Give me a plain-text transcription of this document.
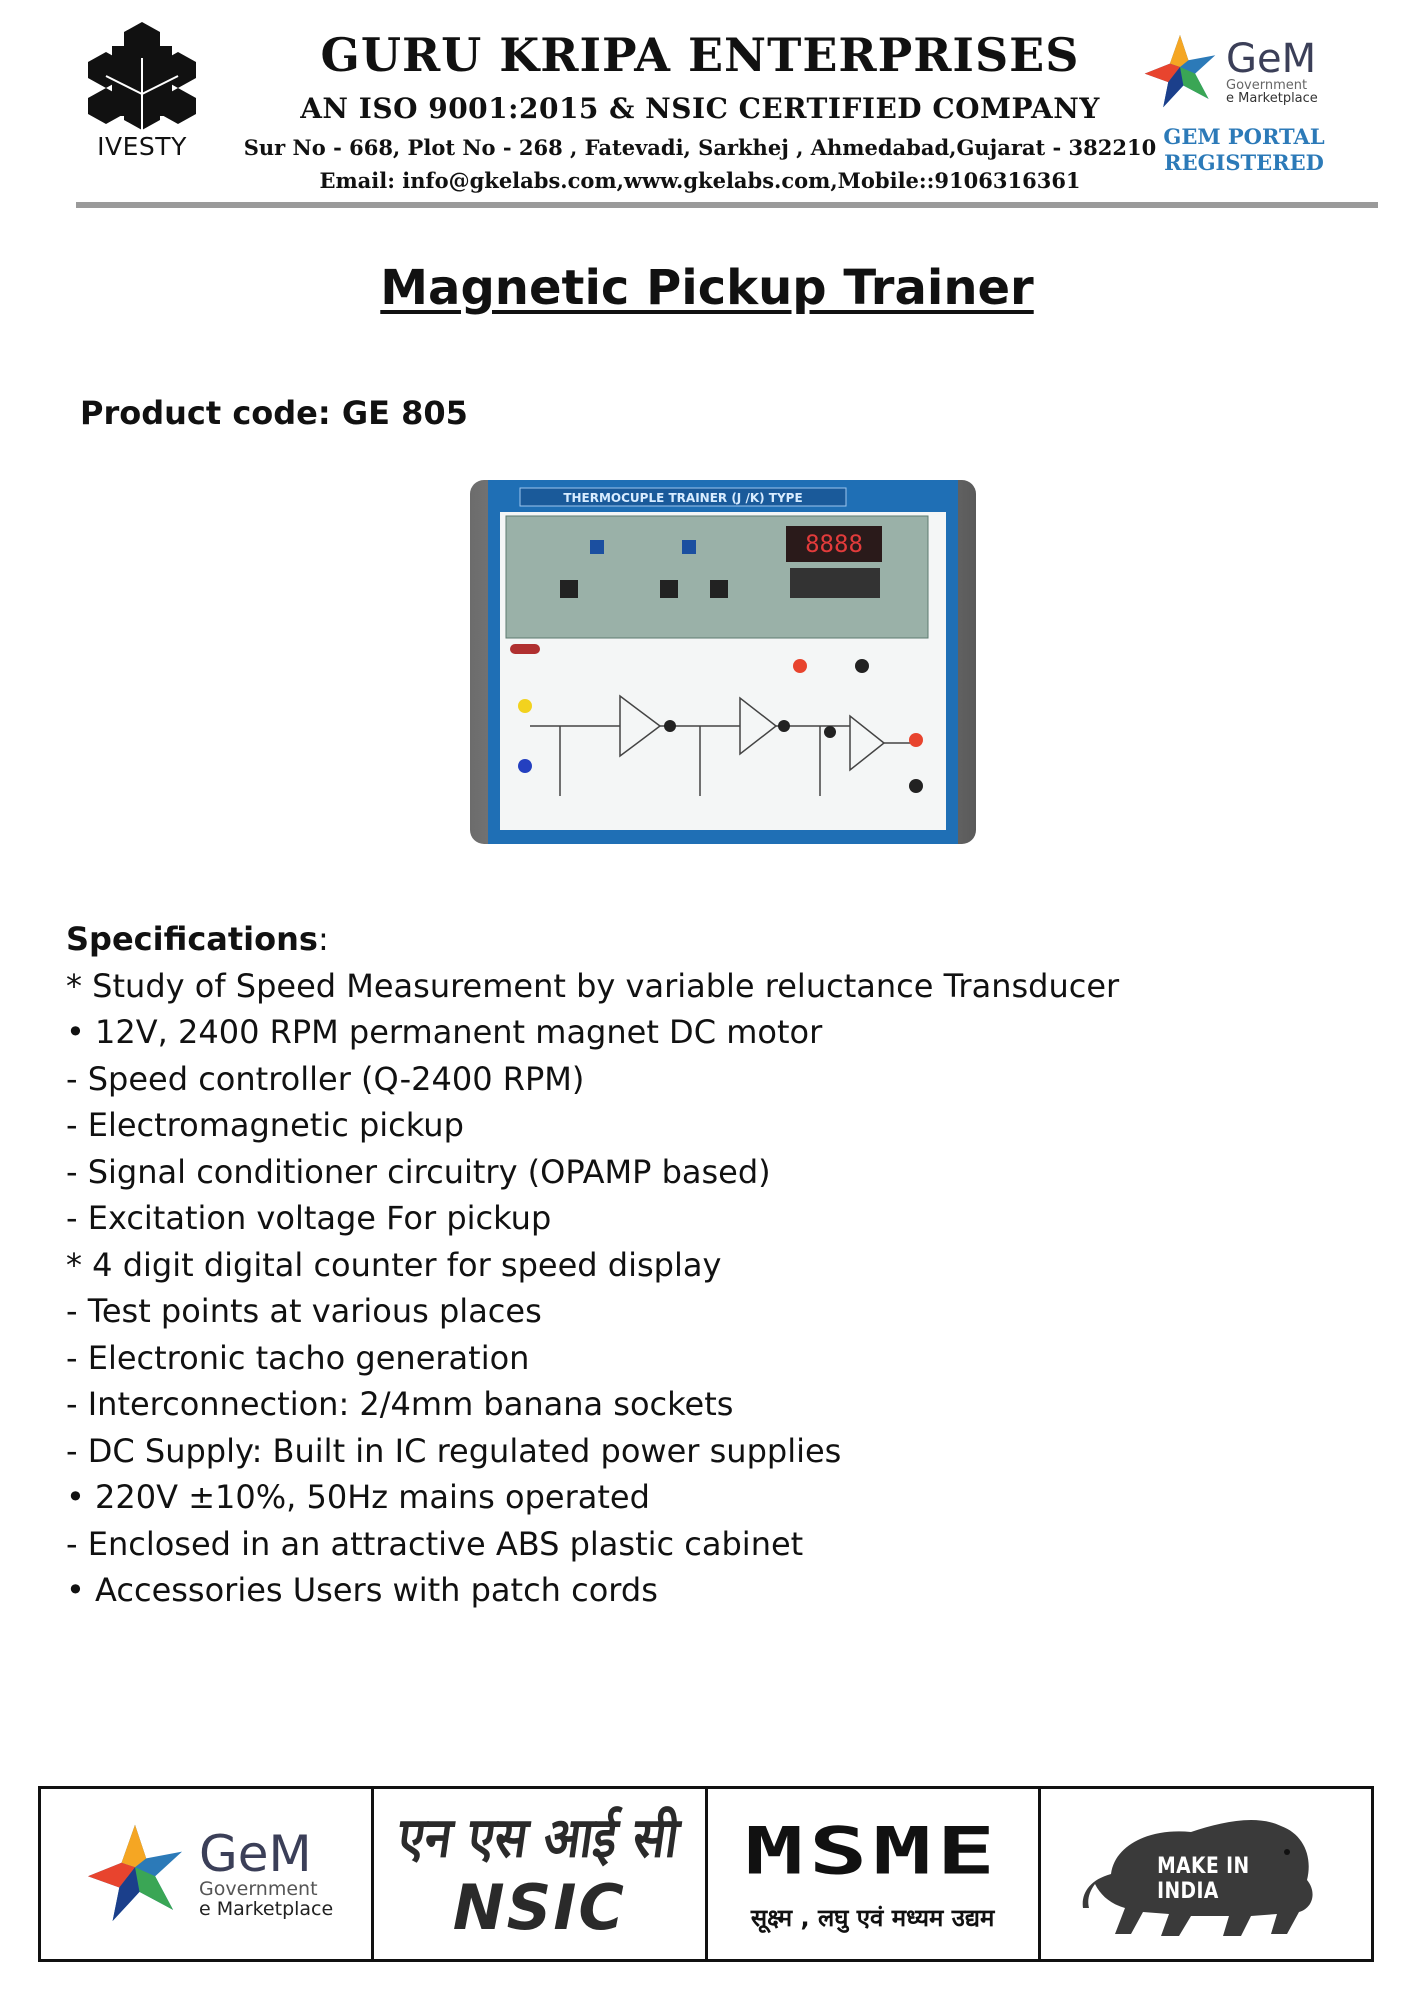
IVESTY
GURU KRIPA ENTERPRISES
AN ISO 9001:2015 & NSIC CERTIFIED COMPANY
Sur No - 668, Plot No - 268 , Fatevadi, Sarkhej , Ahmedabad,Gujarat - 382210
Email: info@gkelabs.com,www.gkelabs.com,Mobile::9106316361
GeM
Government
e Marketplace
GEM PORTAL
REGISTERED
Magnetic Pickup Trainer
Product code: GE 805
THERMOCUPLE TRAINER (J /K) TYPE
8888
Specifications:
* Study of Speed Measurement by variable reluctance Transducer
• 12V, 2400 RPM permanent magnet DC motor
- Speed controller (Q-2400 RPM)
- Electromagnetic pickup
- Signal conditioner circuitry (OPAMP based)
- Excitation voltage For pickup
* 4 digit digital counter for speed display
- Test points at various places
- Electronic tacho generation
- Interconnection: 2/4mm banana sockets
- DC Supply: Built in IC regulated power supplies
• 220V ±10%, 50Hz mains operated
- Enclosed in an attractive ABS plastic cabinet
• Accessories Users with patch cords
GeM
Government
e Marketplace
एन एस आई सी
NSIC
MSME
सूक्ष्म , लघु एवं मध्यम उद्यम
MAKE IN INDIA
